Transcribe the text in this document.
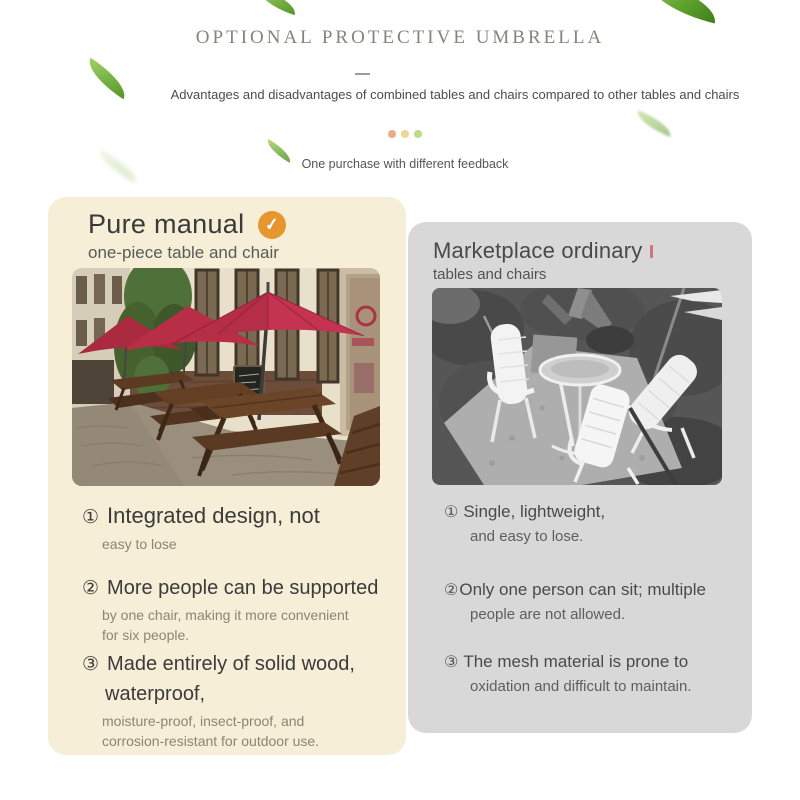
OPTIONAL PROTECTIVE UMBRELLA
Advantages and disadvantages of combined tables and chairs compared to other tables and chairs
One purchase with different feedback
Pure manual	✓
one-piece table and chair
① Integrated design, not
easy to lose
② More people can be supported
by one chair, making it more convenient
for six people.
③ Made entirely of solid wood,
waterproof,
moisture-proof, insect-proof, and
corrosion-resistant for outdoor use.
Marketplace ordinary
tables and chairs
① Single, lightweight,
and easy to lose.
② Only one person can sit; multiple
people are not allowed.
③ The mesh material is prone to
oxidation and difficult to maintain.
